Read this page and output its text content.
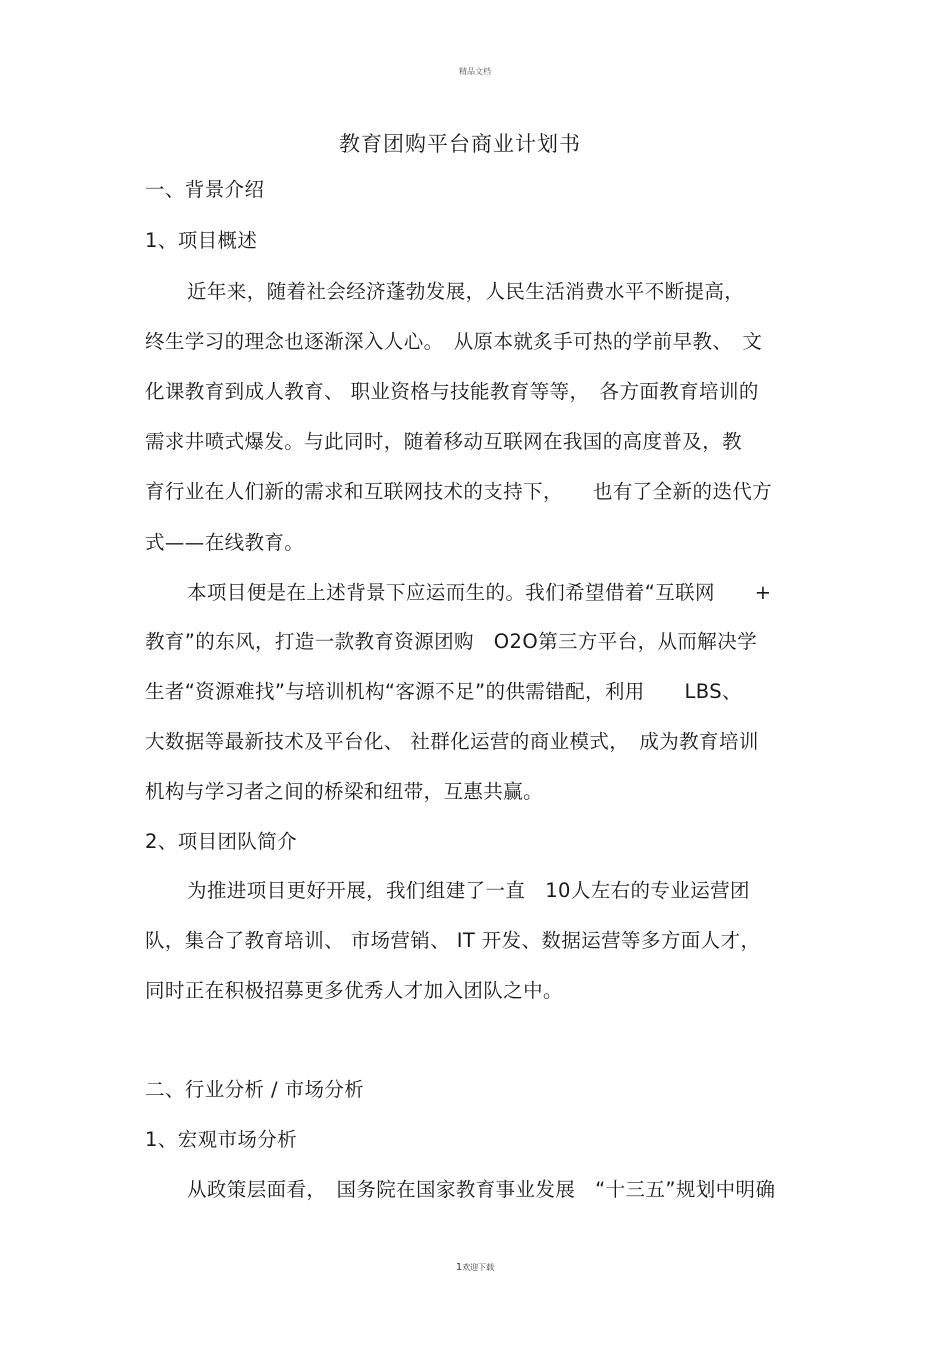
精品文档
教育团购平台商业计划书
一、背景介绍
1、项目概述
近年来，随着社会经济蓬勃发展，人民生活消费水平不断提高，
终生学习的理念也逐渐深入人心。　从原本就炙手可热的学前早教、　文
化课教育到成人教育、 职业资格与技能教育等等，　各方面教育培训的
需求井喷式爆发。与此同时，随着移动互联网在我国的高度普及，教
育行业在人们新的需求和互联网技术的支持下，　　也有了全新的迭代方
式——在线教育。
本项目便是在上述背景下应运而生的。我们希望借着“互联网　　+
教育”的东风，打造一款教育资源团购　O2O第三方平台，从而解决学
生者“资源难找”与培训机构“客源不足”的供需错配，利用　　LBS、
大数据等最新技术及平台化、 社群化运营的商业模式，　成为教育培训
机构与学习者之间的桥梁和纽带，互惠共赢。
2、项目团队简介
为推进项目更好开展，我们组建了一直　10人左右的专业运营团
队，集合了教育培训、 市场营销、 IT 开发、数据运营等多方面人才，
同时正在积极招募更多优秀人才加入团队之中。
二、行业分析 / 市场分析
1、宏观市场分析
从政策层面看，　国务院在国家教育事业发展　“十三五”规划中明确
1欢迎下载
